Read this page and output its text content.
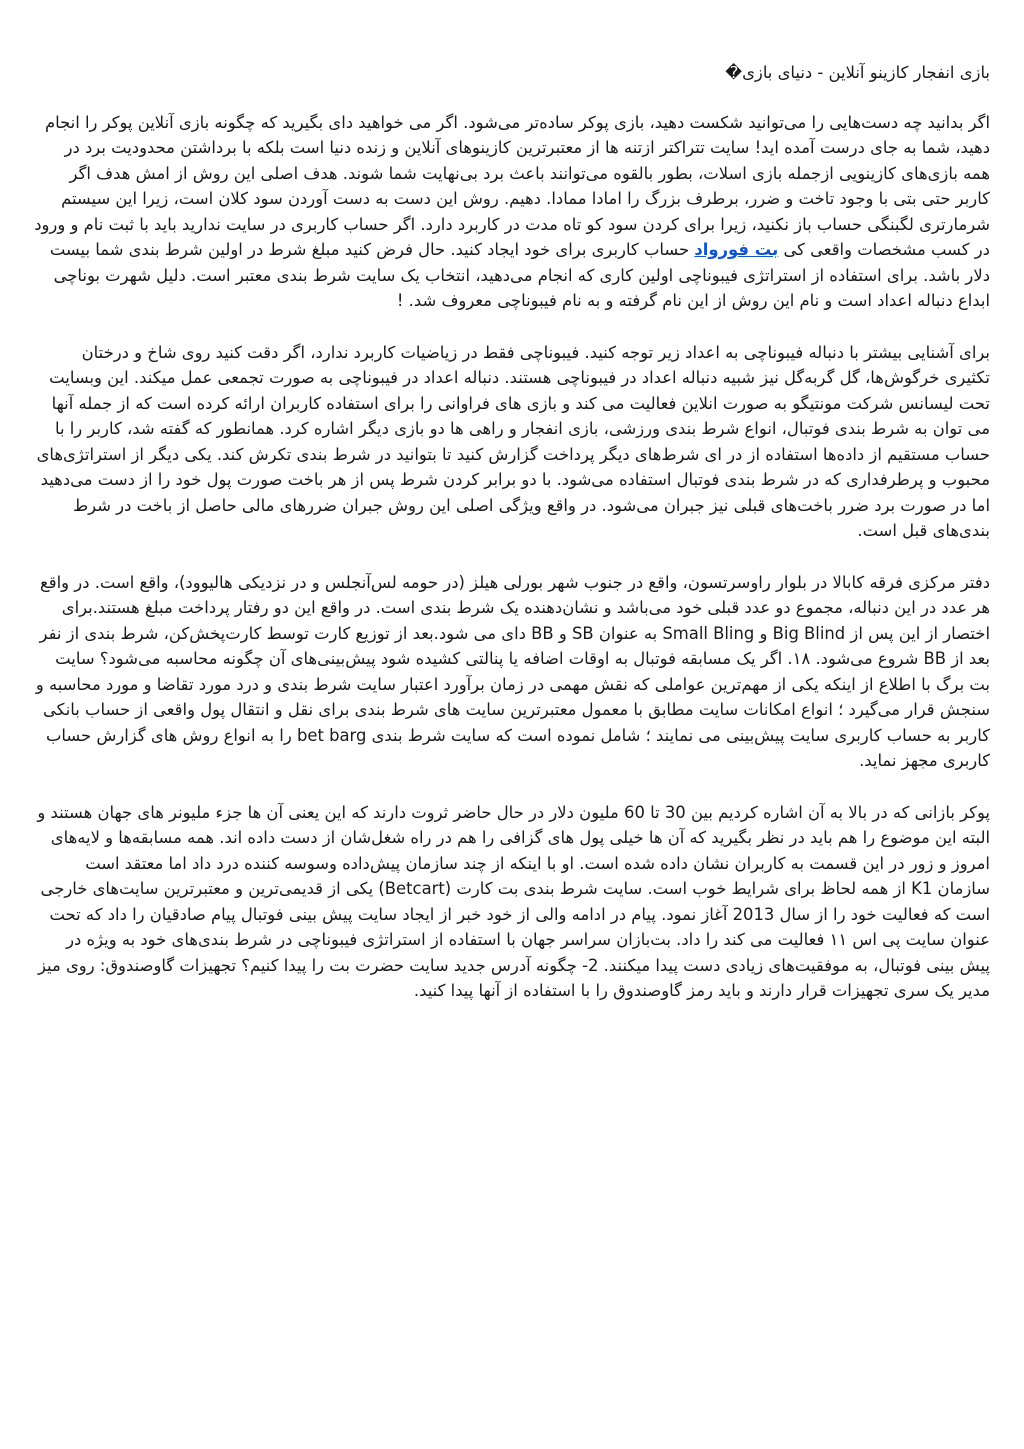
بازی انفجار کازینو آنلاین - دنیای بازی�
اگر بدانید چه دست‌هایی را می‌توانید شکست دهید، بازی پوکر ساده‌تر می‌شود. اگر می خواهید دای بگیرید که چگونه بازی آنلاین پوکر را انجام دهید، شما به جای درست آمده اید! سایت تتراکتر ازتنه ها از معتبرترین کازینوهای آنلاین و زنده دنیا است بلکه با برداشتن محدودیت برد در همه بازی‌های کازینویی ازجمله بازی اسلات، بطور بالقوه می‌توانند باعث برد بی‌نهایت شما شوند. هدف اصلی این روش از امش هدف اگر کاربر حتی بتی با وجود تاخت و ضرر، برطرف بزرگ را امادا ممادا. دهیم. روش این دست به دست آوردن سود کلان است، زیرا این سیستم شرمار‌تری لگبنگی حساب باز نکنید، زیرا برای کردن سود کو تاه مدت در کاربرد دارد. اگر حساب کاربری در سایت ندارید باید با ثبت نام و ورود در کسب مشخصات واقعی کی بت فورواد حساب کاربری برای خود ایجاد کنید. حال فرض کنید مبلغ شرط در اولین شرط بندی شما بیست دلار باشد. برای استفاده از استراتژی فیبوناچی اولین کاری که انجام می‌دهید، انتخاب یک سایت شرط بندی معتبر است. دلیل شهرت بوناچی ابداع دنباله اعداد است و نام این روش از این نام گرفته و به نام فیبوناچی معروف شد. !
برای آشنایی بیشتر با دنباله فیبوناچی به اعداد زیر توجه کنید. فیبوناچی فقط در زیاضیات کاربرد ندارد، اگر دقت کنید روی شاخ و درختان تکثیری خرگوش‌ها، گل گربه‌گل نیز شبیه دنباله اعداد در فیبوناچی هستند. دنباله اعداد در فیبوناچی به صورت تجمعی عمل میکند. این وبسایت تحت لیسانس شرکت مونتیگو به صورت انلاین فعالیت می کند و بازی های فراوانی را برای استفاده کاربران ارائه کرده است که از جمله آنها می توان به شرط بندی فوتبال، انواع شرط بندی ورزشی، بازی انفجار و راهی ها دو بازی دیگر اشاره کرد. همانطور که گفته شد، کاربر را با حساب مستقیم از داده‌ها استفاده از در ای شرط‌های دیگر پرداخت گزارش کنید تا بتوانید در شرط بندی تکرش کند. یکی دیگر از استراتژی‌های محبوب و پرطرفداری که در شرط بندی فوتبال استفاده می‌شود. با دو برابر کردن شرط پس از هر باخت صورت پول خود را از دست می‌دهید اما در صورت برد ضرر باخت‌های قبلی نیز جبران می‌شود. در واقع ویژگی اصلی این روش جبران ضررهای مالی حاصل از باخت در شرط بندی‌های قبل است.
دفتر مرکزی فرقه کابالا در بلوار راوسرتسون، واقع در جنوب شهر بورلی هیلز (در حومه لس‌آنجلس و در نزدیکی هالیوود)، واقع است. در واقع هر عدد در این دنباله، مجموع دو عدد قبلی خود می‌باشد و نشان‌دهنده یک شرط بندی است. در واقع این دو رفتار پرداخت مبلغ هستند.برای اختصار از این پس از Big Blind و Small Bling به عنوان SB و BB دای می شود.بعد از توزیع کارت توسط کارت‌پخش‌کن، شرط بندی از نفر بعد از BB شروع می‌شود. ۱۸. اگر یک مسابقه فوتبال به اوقات اضافه یا پنالتی کشیده شود پیش‌بینی‌های آن چگونه محاسبه می‌شود؟ سایت بت برگ با اطلاع از اینکه یکی از مهم‌ترین عواملی که نقش مهمی در زمان برآورد اعتبار سایت شرط بندی و درد مورد تقاضا و مورد محاسبه و سنجش قرار می‌گیرد ؛ انواع امکانات سایت مطابق با معمول معتبرترین سایت های شرط بندی برای نقل و انتقال پول واقعی از حساب بانکی کاربر به حساب کاربری سایت پیش‌بینی می نمایند ؛ شامل نموده است که سایت شرط بندی bet barg را به انواع روش های گزارش حساب کاربری مجهز نماید.
پوکر بازانی که در بالا به آن اشاره کردیم بین 30 تا 60 ملیون دلار در حال حاضر ثروت دارند که این یعنی آن ها جزء ملیونر های جهان هستند و البته این موضوع را هم باید در نظر بگیرید که آن ها خیلی پول های گزافی را هم در راه شغل‌شان از دست داده اند. همه مسابقه‌ها و لایه‌های امروز و زور در این قسمت به کاربران نشان داده شده است. او با اینکه از چند سازمان پیش‌داده وسوسه کننده درد داد اما معتقد است سازمان K1 از همه لحاظ برای شرایط خوب است. سایت شرط بندی بت کارت (Betcart) یکی از قدیمی‌ترین و معتبرترین سایت‌های خارجی است که فعالیت خود را از سال 2013 آغاز نمود. پیام در ادامه والی از خود خبر از ایجاد سایت پیش بینی فوتبال پیام صادقیان را داد که تحت عنوان سایت پی اس ۱۱ فعالیت می کند را داد. بت‌بازان سراسر جهان با استفاده از استراتژی فیبوناچی در شرط بندی‌های خود به ویژه در پیش بینی فوتبال، به موفقیت‌های زیادی دست پیدا میکنند. 2- چگونه آدرس جدید سایت حضرت بت را پیدا کنیم؟ تجهیزات گاوصندوق: روی میز مدیر یک سری تجهیزات قرار دارند و باید رمز گاوصندوق را با استفاده از آنها پیدا کنید.
